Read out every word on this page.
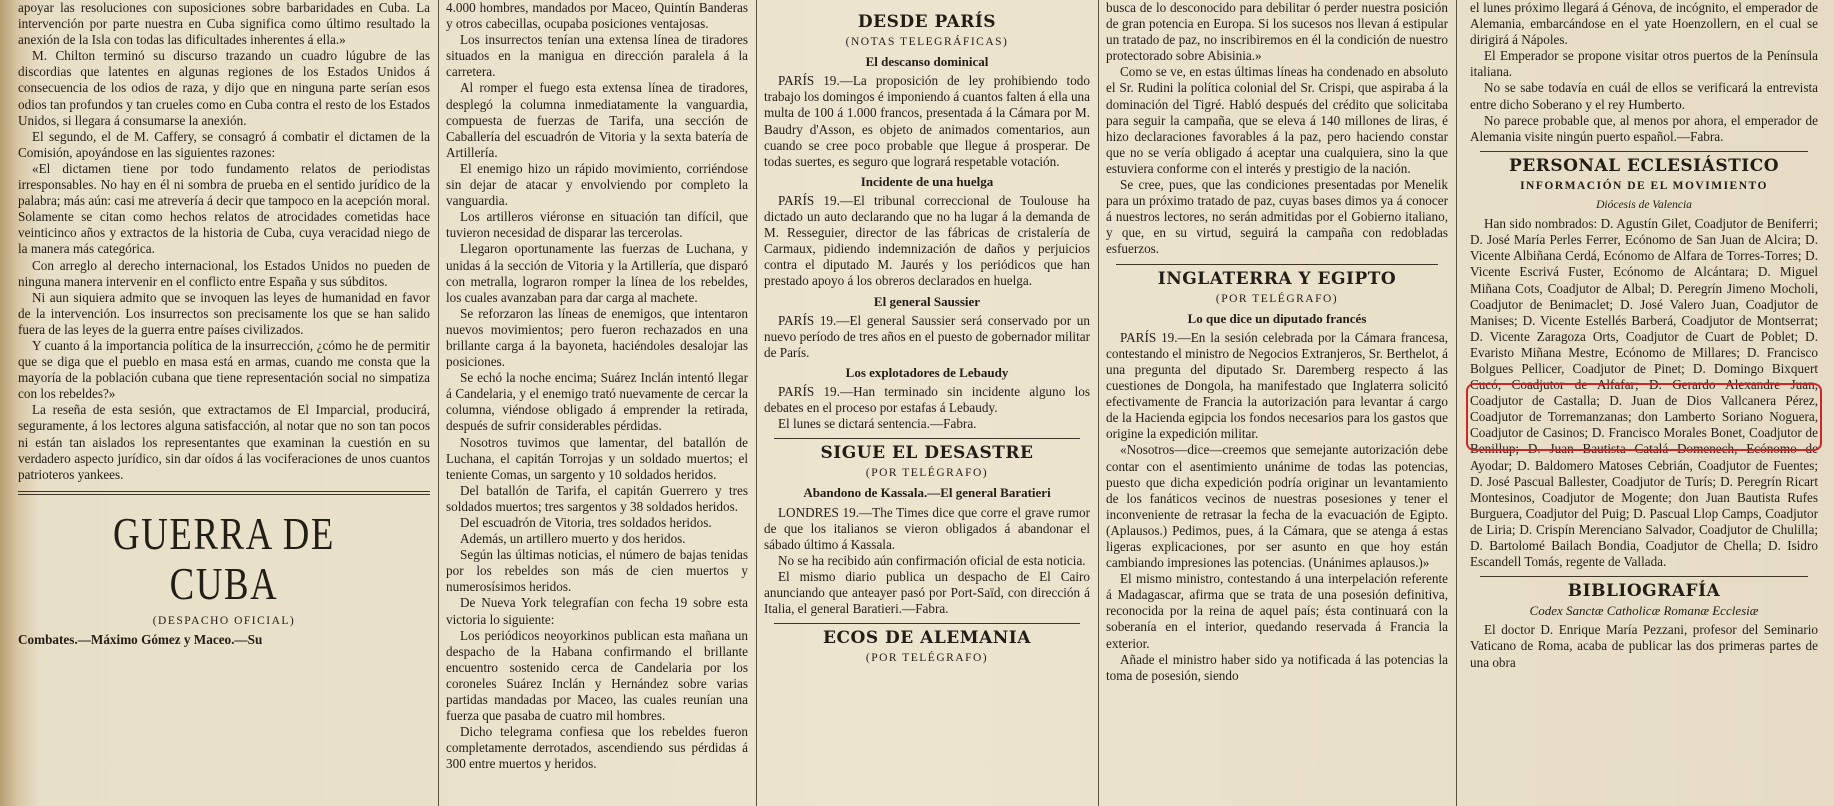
apoyar las resoluciones con suposiciones sobre barbaridades en Cuba. La intervención por parte nuestra en Cuba significa como último resultado la anexión de la Isla con todas las dificultades inherentes á ella.»

M. Chilton terminó su discurso trazando un cuadro lúgubre de las discordias que latentes en algunas regiones de los Estados Unidos á consecuencia de los odios de raza, y dijo que en ninguna parte serían esos odios tan profundos y tan crueles como en Cuba contra el resto de los Estados Unidos, si llegara á consumarse la anexión.

El segundo, el de M. Caffery, se consagró á combatir el dictamen de la Comisión, apoyándose en las siguientes razones:

«El dictamen tiene por todo fundamento relatos de periodistas irresponsables. No hay en él ni sombra de prueba en el sentido jurídico de la palabra; más aún: casi me atrevería á decir que tampoco en la acepción moral. Solamente se citan como hechos relatos de atrocidades cometidas hace veinticinco años y extractos de la historia de Cuba, cuya veracidad niego de la manera más categórica.

Con arreglo al derecho internacional, los Estados Unidos no pueden de ninguna manera intervenir en el conflicto entre España y sus súbditos.

Ni aun siquiera admito que se invoquen las leyes de humanidad en favor de la intervención. Los insurrectos son precisamente los que se han salido fuera de las leyes de la guerra entre países civilizados.

Y cuanto á la importancia política de la insurrección, ¿cómo he de permitir que se diga que el pueblo en masa está en armas, cuando me consta que la mayoría de la población cubana que tiene representación social no simpatiza con los rebeldes?»

La reseña de esta sesión, que extractamos de El Imparcial, producirá, seguramente, á los lectores alguna satisfacción, al notar que no son tan pocos ni están tan aislados los representantes que examinan la cuestión en su verdadero aspecto jurídico, sin dar oídos á las vociferaciones de unos cuantos patrioteros yankees.

GUERRA DE CUBA
(DESPACHO OFICIAL)

Combates.—Máximo Gómez y Maceo.—Su

4.000 hombres, mandados por Maceo, Quintín Banderas y otros cabecillas, ocupaba posiciones ventajosas.

Los insurrectos tenían una extensa línea de tiradores situados en la manigua en dirección paralela á la carretera.

Al romper el fuego esta extensa línea de tiradores, desplegó la columna inmediatamente la vanguardia, compuesta de fuerzas de Tarifa, una sección de Caballería del escuadrón de Vitoria y la sexta batería de Artillería.

El enemigo hizo un rápido movimiento, corriéndose sin dejar de atacar y envolviendo por completo la vanguardia.

Los artilleros viéronse en situación tan difícil, que tuvieron necesidad de disparar las tercerolas.

Llegaron oportunamente las fuerzas de Luchana, y unidas á la sección de Vitoria y la Artillería, que disparó con metralla, lograron romper la línea de los rebeldes, los cuales avanzaban para dar carga al machete.

Se reforzaron las líneas de enemigos, que intentaron nuevos movimientos; pero fueron rechazados en una brillante carga á la bayoneta, haciéndoles desalojar las posiciones.

Se echó la noche encima; Suárez Inclán intentó llegar á Candelaria, y el enemigo trató nuevamente de cercar la columna, viéndose obligado á emprender la retirada, después de sufrir considerables pérdidas.

Nosotros tuvimos que lamentar, del batallón de Luchana, el capitán Torrojas y un soldado muertos; el teniente Comas, un sargento y 10 soldados heridos.

Del batallón de Tarifa, el capitán Guerrero y tres soldados muertos; tres sargentos y 38 soldados heridos.

Del escuadrón de Vitoria, tres soldados heridos.

Además, un artillero muerto y dos heridos.

Según las últimas noticias, el número de bajas tenidas por los rebeldes son más de cien muertos y numerosísimos heridos.

De Nueva York telegrafían con fecha 19 sobre esta victoria lo siguiente:

Los periódicos neoyorkinos publican esta mañana un despacho de la Habana confirmando el brillante encuentro sostenido cerca de Candelaria por los coroneles Suárez Inclán y Hernández sobre varias partidas mandadas por Maceo, las cuales reunían una fuerza que pasaba de cuatro mil hombres.

Dicho telegrama confiesa que los rebeldes fueron completamente derrotados, ascendiendo sus pérdidas á 300 entre muertos y heridos.

DESDE PARÍS
(NOTAS TELEGRÁFICAS)
El descanso dominical

PARÍS 19.—La proposición de ley prohibiendo todo trabajo los domingos é imponiendo á cuantos falten á ella una multa de 100 á 1.000 francos, presentada á la Cámara por M. Baudry d'Asson, es objeto de animados comentarios, aun cuando se cree poco probable que llegue á prosperar. De todas suertes, es seguro que logrará respetable votación.

Incidente de una huelga

PARÍS 19.—El tribunal correccional de Toulouse ha dictado un auto declarando que no ha lugar á la demanda de M. Resseguier, director de las fábricas de cristalería de Carmaux, pidiendo indemnización de daños y perjuicios contra el diputado M. Jaurés y los periódicos que han prestado apoyo á los obreros declarados en huelga.

El general Saussier

PARÍS 19.—El general Saussier será conservado por un nuevo período de tres años en el puesto de gobernador militar de París.

Los explotadores de Lebaudy

PARÍS 19.—Han terminado sin incidente alguno los debates en el proceso por estafas á Lebaudy.

El lunes se dictará sentencia.—Fabra.

SIGUE EL DESASTRE
(POR TELÉGRAFO)
Abandono de Kassala.—El general Baratieri

LONDRES 19.—The Times dice que corre el grave rumor de que los italianos se vieron obligados á abandonar el sábado último á Kassala.

No se ha recibido aún confirmación oficial de esta noticia.

El mismo diario publica un despacho de El Cairo anunciando que anteayer pasó por Port-Saïd, con dirección á Italia, el general Baratieri.—Fabra.

ECOS DE ALEMANIA
(POR TELÉGRAFO)

busca de lo desconocido para debilitar ó perder nuestra posición de gran potencia en Europa. Si los sucesos nos llevan á estipular un tratado de paz, no inscribiremos en él la condición de nuestro protectorado sobre Abisinia.»

Como se ve, en estas últimas líneas ha condenado en absoluto el Sr. Rudini la política colonial del Sr. Crispi, que aspiraba á la dominación del Tigré. Habló después del crédito que solicitaba para seguir la campaña, que se eleva á 140 millones de liras, é hizo declaraciones favorables á la paz, pero haciendo constar que no se vería obligado á aceptar una cualquiera, sino la que estuviera conforme con el interés y prestigio de la nación.

Se cree, pues, que las condiciones presentadas por Menelik para un próximo tratado de paz, cuyas bases dimos ya á conocer á nuestros lectores, no serán admitidas por el Gobierno italiano, y que, en su virtud, seguirá la campaña con redobladas esfuerzos.

INGLATERRA Y EGIPTO
(POR TELÉGRAFO)
Lo que dice un diputado francés

PARÍS 19.—En la sesión celebrada por la Cámara francesa, contestando el ministro de Negocios Extranjeros, Sr. Berthelot, á una pregunta del diputado Sr. Daremberg respecto á las cuestiones de Dongola, ha manifestado que Inglaterra solicitó efectivamente de Francia la autorización para levantar á cargo de la Hacienda egipcia los fondos necesarios para los gastos que origine la expedición militar.

«Nosotros—dice—creemos que semejante autorización debe contar con el asentimiento unánime de todas las potencias, puesto que dicha expedición podría originar un levantamiento de los fanáticos vecinos de nuestras posesiones y tener el inconveniente de retrasar la fecha de la evacuación de Egipto. (Aplausos.) Pedimos, pues, á la Cámara, que se atenga á estas ligeras explicaciones, por ser asunto en que hoy están cambiando impresiones las potencias. (Unánimes aplausos.)»

El mismo ministro, contestando á una interpelación referente á Madagascar, afirma que se trata de una posesión definitiva, reconocida por la reina de aquel país; ésta continuará con la soberanía en el interior, quedando reservada á Francia la exterior.

Añade el ministro haber sido ya notificada á las potencias la toma de posesión, siendo

el lunes próximo llegará á Génova, de incógnito, el emperador de Alemania, embarcándose en el yate Hoenzollern, en el cual se dirigirá á Nápoles.

El Emperador se propone visitar otros puertos de la Península italiana.

No se sabe todavía en cuál de ellos se verificará la entrevista entre dicho Soberano y el rey Humberto.

No parece probable que, al menos por ahora, el emperador de Alemania visite ningún puerto español.—Fabra.

PERSONAL ECLESIÁSTICO
INFORMACIÓN DE EL MOVIMIENTO
Diócesis de Valencia

Han sido nombrados: D. Agustín Gilet, Coadjutor de Beniferri; D. José María Perles Ferrer, Ecónomo de San Juan de Alcira; D. Vicente Albiñana Cerdá, Ecónomo de Alfara de Torres-Torres; D. Vicente Escrivá Fuster, Ecónomo de Alcántara; D. Miguel Miñana Cots, Coadjutor de Albal; D. Peregrín Jimeno Mocholi, Coadjutor de Benimaclet; D. José Valero Juan, Coadjutor de Manises; D. Vicente Estellés Barberá, Coadjutor de Montserrat; D. Vicente Zaragoza Orts, Coadjutor de Cuart de Poblet; D. Evaristo Miñana Mestre, Ecónomo de Millares; D. Francisco Bolgues Pellicer, Coadjutor de Pinet; D. Domingo Bixquert Cucó, Coadjutor de Alfafar; D. Gerardo Alexandre Juan, Coadjutor de Castalla; D. Juan de Dios Vallcanera Pérez, Coadjutor de Torremanzanas; don Lamberto Soriano Noguera, Coadjutor de Casinos; D. Francisco Morales Bonet, Coadjutor de Benillup; D. Juan Bautista Catalá Domenech, Ecónomo de Ayodar; D. Baldomero Matoses Cebrián, Coadjutor de Fuentes; D. José Pascual Ballester, Coadjutor de Turís; D. Peregrín Ricart Montesinos, Coadjutor de Mogente; don Juan Bautista Rufes Burguera, Coadjutor del Puig; D. Pascual Llop Camps, Coadjutor de Liria; D. Crispín Merenciano Salvador, Coadjutor de Chulilla; D. Bartolomé Bailach Bondia, Coadjutor de Chella; D. Isidro Escandell Tomás, regente de Vallada.

BIBLIOGRAFÍA
Codex Sanctæ Catholicæ Romanæ Ecclesiæ

El doctor D. Enrique María Pezzani, profesor del Seminario Vaticano de Roma, acaba de publicar las dos primeras partes de una obra
